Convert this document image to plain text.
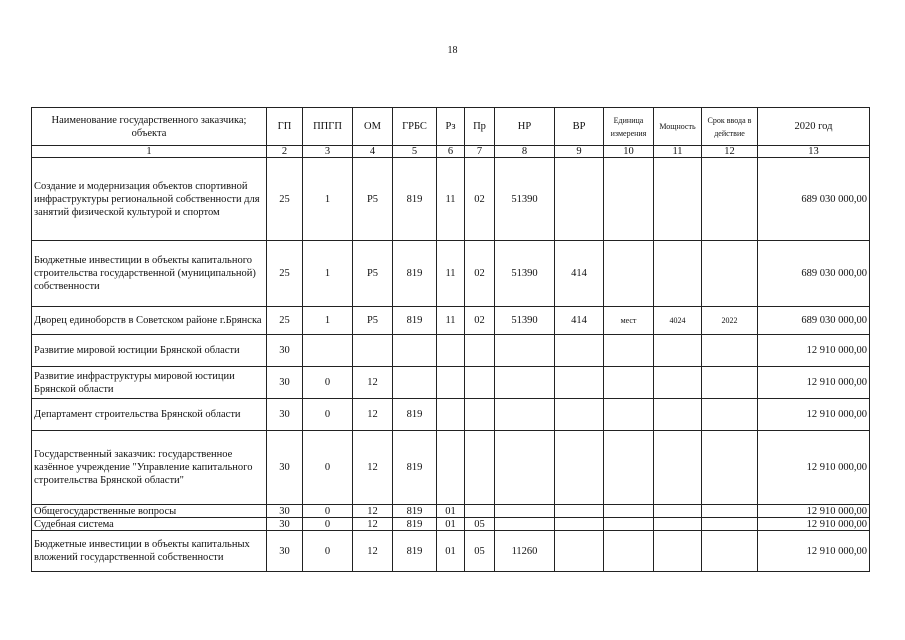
18
Наименование государственного заказчика; объекта	ГП	ППГП	ОМ	ГРБС	Рз	Пр	НР	ВР	Единица измерения	Мощность	Срок ввода в действие	2020 год
1	2	3	4	5	6	7	8	9	10	11	12	13
Создание и модернизация объектов спортивной инфраструктуры региональной собственности для занятий физической культурой и спортом	25	1	Р5	819	11	02	51390					689 030 000,00
Бюджетные инвестиции в объекты капитального строительства государственной (муниципальной) собственности	25	1	Р5	819	11	02	51390	414				689 030 000,00
Дворец единоборств в Советском районе г.Брянска	25	1	Р5	819	11	02	51390	414	мест	4024	2022	689 030 000,00
Развитие мировой юстиции Брянской области	30											12 910 000,00
Развитие инфраструктуры мировой юстиции Брянской области	30	0	12									12 910 000,00
Департамент строительства Брянской области	30	0	12	819								12 910 000,00
Государственный заказчик: государственное казённое учреждение "Управление капитального строительства Брянской области"	30	0	12	819								12 910 000,00
Общегосударственные вопросы	30	0	12	819	01							12 910 000,00
Судебная система	30	0	12	819	01	05						12 910 000,00
Бюджетные инвестиции в объекты капитальных вложений государственной собственности	30	0	12	819	01	05	11260					12 910 000,00
